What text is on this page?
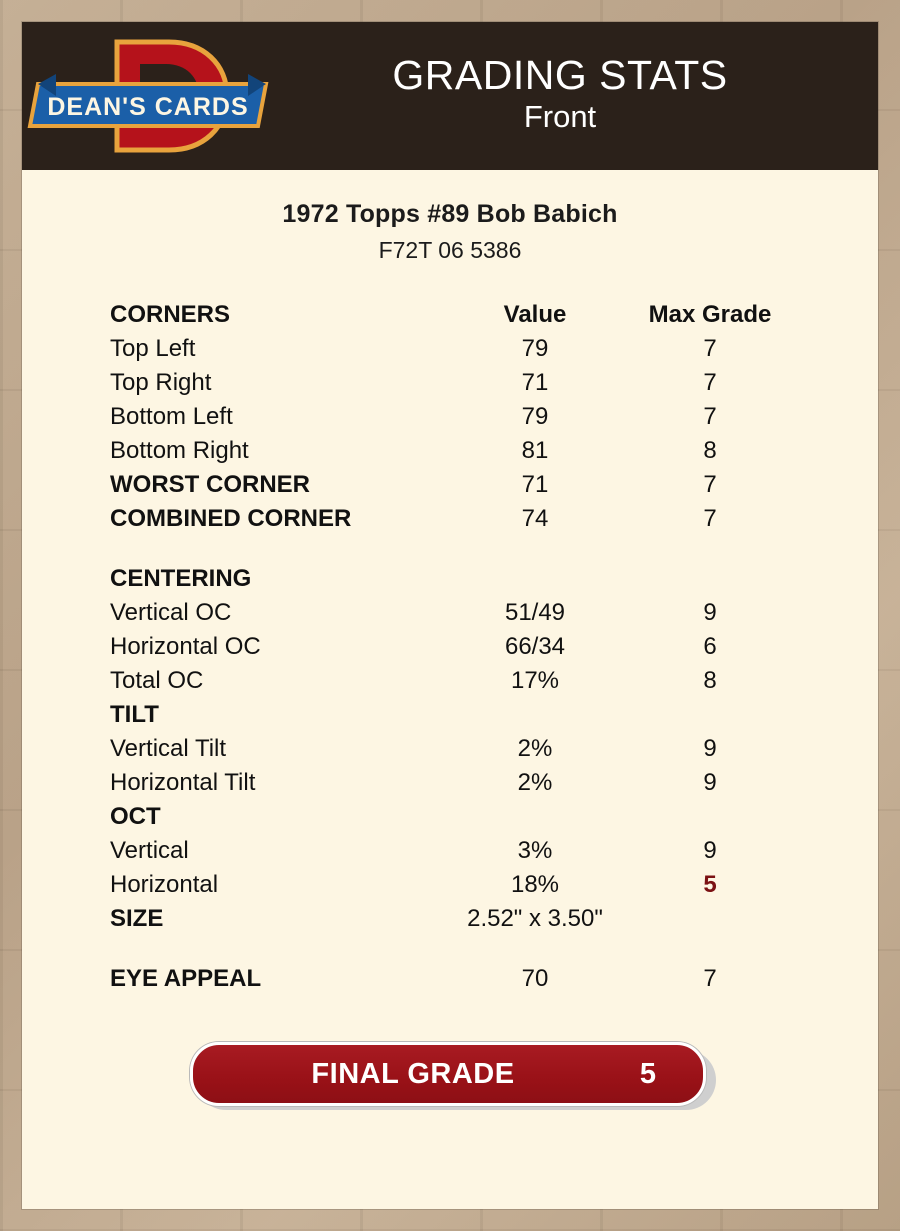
DEAN'S CARDS
GRADING STATS
Front
1972 Topps #89 Bob Babich
F72T 06 5386
CORNERS	Value	Max Grade
Top Left	79	7
Top Right	71	7
Bottom Left	79	7
Bottom Right	81	8
WORST CORNER	71	7
COMBINED CORNER	74	7

CENTERING		
Vertical OC	51/49	9
Horizontal OC	66/34	6
Total OC	17%	8
TILT		
Vertical Tilt	2%	9
Horizontal Tilt	2%	9
OCT		
Vertical	3%	9
Horizontal	18%	5
SIZE	2.52" x 3.50"	

EYE APPEAL	70	7
FINAL GRADE	5
